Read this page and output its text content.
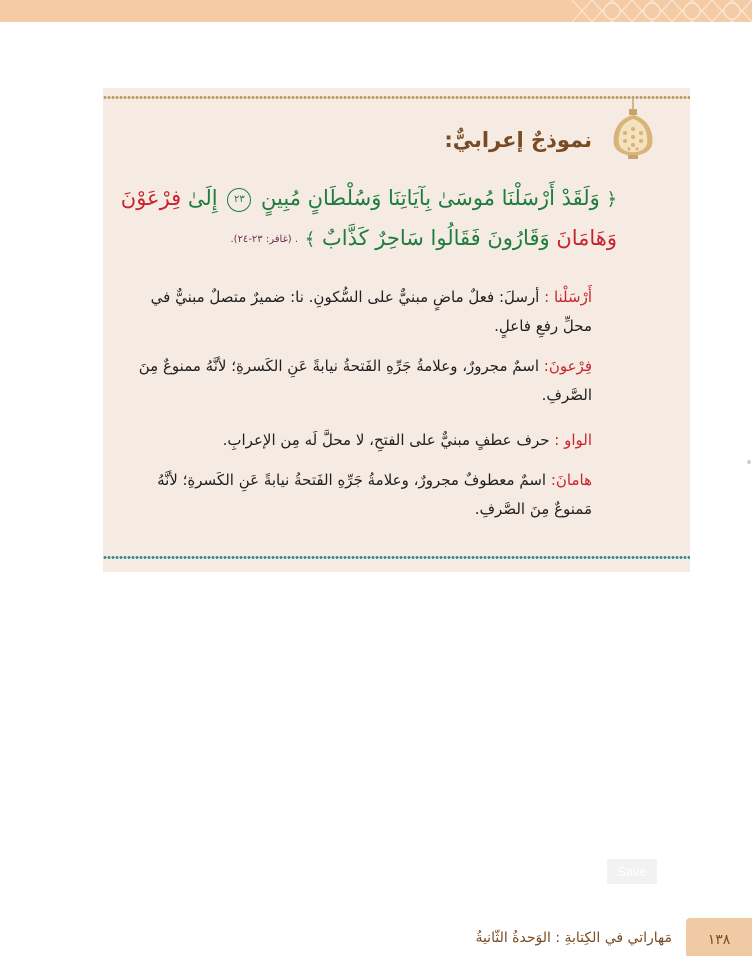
نموذجٌ إعرابيٌّ:
﴿ وَلَقَدْ أَرْسَلْنَا مُوسَىٰ بِآيَاتِنَا وَسُلْطَانٍ مُبِينٍ ٢٣ إِلَىٰ فِرْعَوْنَ
وَهَامَانَ وَقَارُونَ فَقَالُوا سَاحِرٌ كَذَّابٌ ﴾ . (غافر: ٢٣-٢٤).
أَرْسَلْنا : أرسلَ: فعلٌ ماضٍ مبنيٌّ على السُّكونِ. نا: ضميرٌ متصلٌ مبنيٌّ في محلِّ رفعِ فاعلٍ.
فِرْعونَ: اسمٌ مجرورٌ، وعلامةُ جَرِّهِ الفَتحةُ نيابةً عَنِ الكَسرةِ؛ لأنَّهُ ممنوعٌ مِنَ الصَّرفِ.
الواو : حرف عطفٍ مبنيٌّ على الفتحِ، لا محلَّ لَه مِن الإعرابِ.
هامانَ: اسمٌ معطوفٌ مجرورٌ، وعلامةُ جَرِّهِ الفَتحةُ نيابةً عَنِ الكَسرةِ؛ لأنَّهُ مَمنوعٌ مِنَ الصَّرفِ.
Save
١٣٨
مَهاراتي في الكِتابةِ : الوَحدةُ الثّانيةُ
